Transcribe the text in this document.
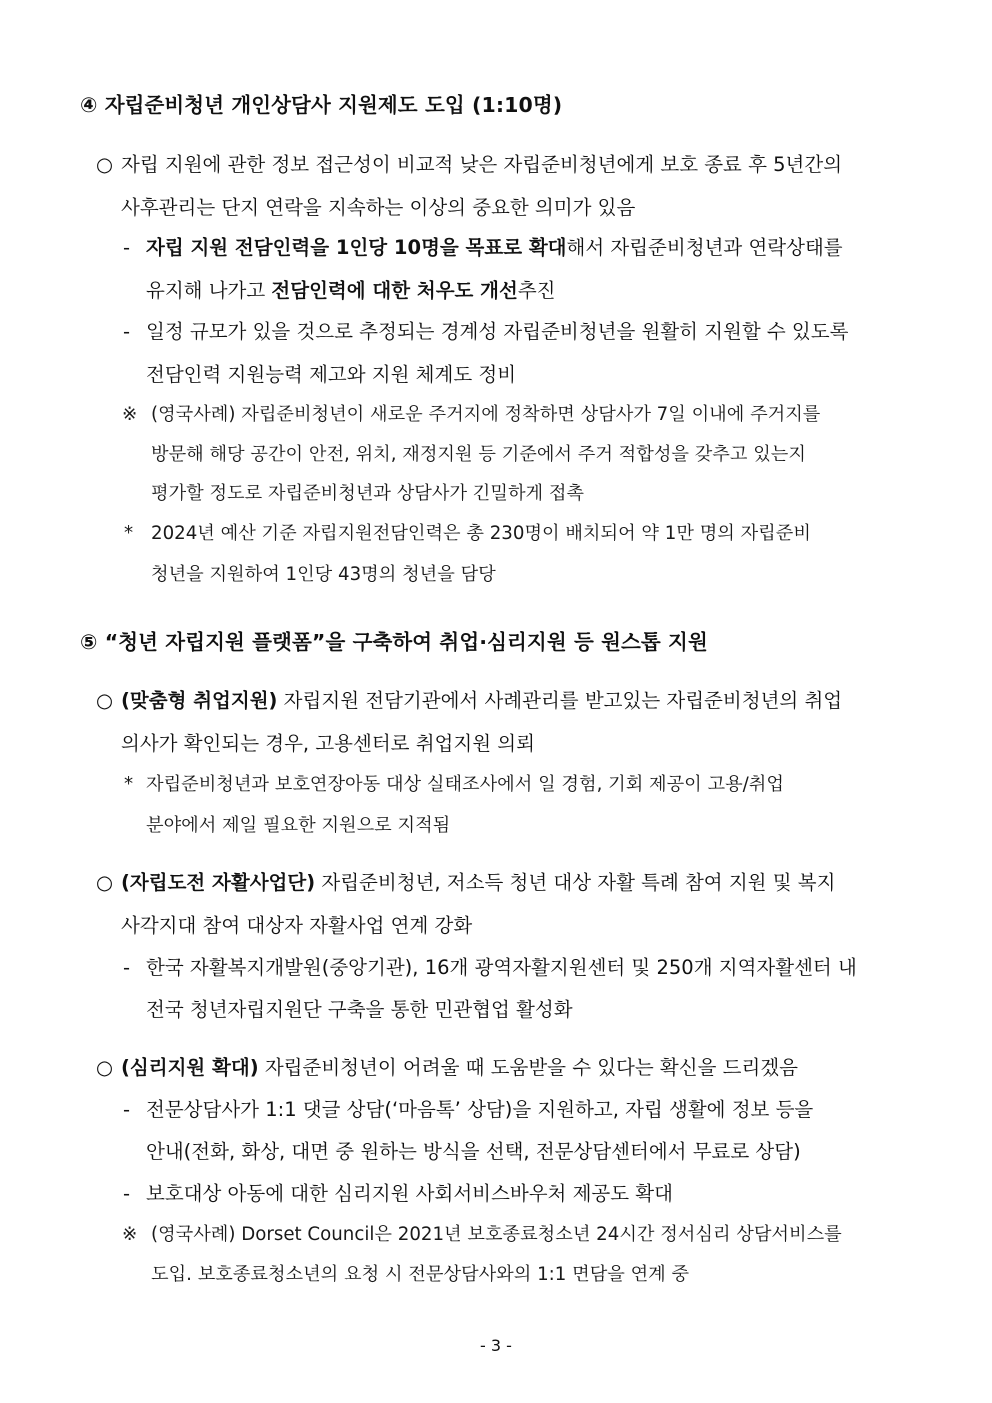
④ 자립준비청년 개인상담사 지원제도 도입 (1:10명)
○ 자립 지원에 관한 정보 접근성이 비교적 낮은 자립준비청년에게 보호 종료 후 5년간의
사후관리는 단지 연락을 지속하는 이상의 중요한 의미가 있음
- 자립 지원 전담인력을 1인당 10명을 목표로 확대해서 자립준비청년과 연락상태를
유지해 나가고 전담인력에 대한 처우도 개선추진
- 일정 규모가 있을 것으로 추정되는 경계성 자립준비청년을 원활히 지원할 수 있도록
전담인력 지원능력 제고와 지원 체계도 정비
※ (영국사례) 자립준비청년이 새로운 주거지에 정착하면 상담사가 7일 이내에 주거지를
방문해 해당 공간이 안전, 위치, 재정지원 등 기준에서 주거 적합성을 갖추고 있는지
평가할 정도로 자립준비청년과 상담사가 긴밀하게 접촉
* 2024년 예산 기준 자립지원전담인력은 총 230명이 배치되어 약 1만 명의 자립준비
청년을 지원하여 1인당 43명의 청년을 담당
⑤ “청년 자립지원 플랫폼”을 구축하여 취업·심리지원 등 원스톱 지원
○ (맞춤형 취업지원) 자립지원 전담기관에서 사례관리를 받고있는 자립준비청년의 취업
의사가 확인되는 경우, 고용센터로 취업지원 의뢰
* 자립준비청년과 보호연장아동 대상 실태조사에서 일 경험, 기회 제공이 고용/취업
분야에서 제일 필요한 지원으로 지적됨
○ (자립도전 자활사업단) 자립준비청년, 저소득 청년 대상 자활 특례 참여 지원 및 복지
사각지대 참여 대상자 자활사업 연계 강화
- 한국 자활복지개발원(중앙기관), 16개 광역자활지원센터 및 250개 지역자활센터 내
전국 청년자립지원단 구축을 통한 민관협업 활성화
○ (심리지원 확대) 자립준비청년이 어려울 때 도움받을 수 있다는 확신을 드리겠음
- 전문상담사가 1:1 댓글 상담(‘마음톡’ 상담)을 지원하고, 자립 생활에 정보 등을
안내(전화, 화상, 대면 중 원하는 방식을 선택, 전문상담센터에서 무료로 상담)
- 보호대상 아동에 대한 심리지원 사회서비스바우처 제공도 확대
※ (영국사례) Dorset Council은 2021년 보호종료청소년 24시간 정서심리 상담서비스를
도입. 보호종료청소년의 요청 시 전문상담사와의 1:1 면담을 연계 중
- 3 -
